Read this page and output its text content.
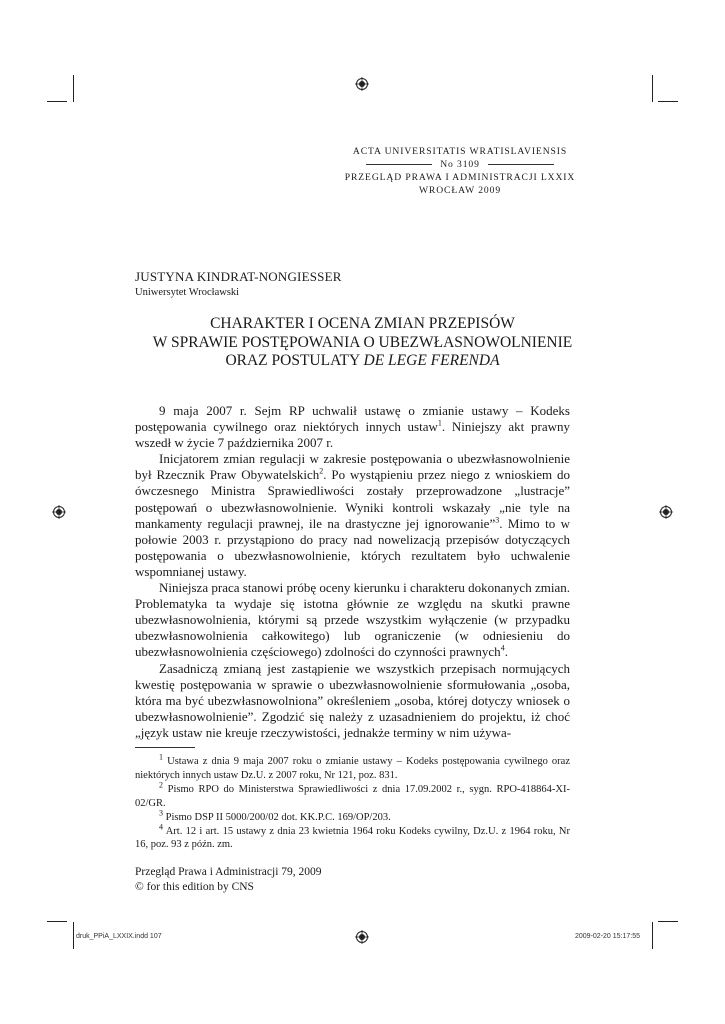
ACTA UNIVERSITATIS WRATISLAVIENSIS
No 3109
PRZEGLĄD PRAWA I ADMINISTRACJI LXXIX
WROCŁAW 2009
JUSTYNA KINDRAT-NONGIESSER
Uniwersytet Wrocławski
CHARAKTER I OCENA ZMIAN PRZEPISÓW
W SPRAWIE POSTĘPOWANIA O UBEZWŁASNOWOLNIENIE
ORAZ POSTULATY DE LEGE FERENDA

9 maja 2007 r. Sejm RP uchwalił ustawę o zmianie ustawy – Kodeks postępowania cywilnego oraz niektórych innych ustaw$^1$. Niniejszy akt prawny wszedł w życie 7 października 2007 r.

Inicjatorem zmian regulacji w zakresie postępowania o ubezwłasnowolnienie był Rzecznik Praw Obywatelskich$^2$. Po wystąpieniu przez niego z wnioskiem do ówczesnego Ministra Sprawiedliwości zostały przeprowadzone „lustracje” postępowań o ubezwłasnowolnienie. Wyniki kontroli wskazały „nie tyle na mankamenty regulacji prawnej, ile na drastyczne jej ignorowanie”$^3$. Mimo to w połowie 2003 r. przystąpiono do pracy nad nowelizacją przepisów dotyczących postępowania o ubezwłasnowolnienie, których rezultatem było uchwalenie wspomnianej ustawy.

Niniejsza praca stanowi próbę oceny kierunku i charakteru dokonanych zmian. Problematyka ta wydaje się istotna głównie ze względu na skutki prawne ubezwłasnowolnienia, którymi są przede wszystkim wyłączenie (w przypadku ubezwłasnowolnienia całkowitego) lub ograniczenie (w odniesieniu do ubezwłasnowolnienia częściowego) zdolności do czynności prawnych$^4$.

Zasadniczą zmianą jest zastąpienie we wszystkich przepisach normujących kwestię postępowania w sprawie o ubezwłasnowolnienie sformułowania „osoba, która ma być ubezwłasnowolniona” określeniem „osoba, której dotyczy wniosek o ubezwłasnowolnienie”. Zgodzić się należy z uzasadnieniem do projektu, iż choć „język ustaw nie kreuje rzeczywistości, jednakże terminy w nim używa-

$^1$ Ustawa z dnia 9 maja 2007 roku o zmianie ustawy – Kodeks postępowania cywilnego oraz niektórych innych ustaw Dz.U. z 2007 roku, Nr 121, poz. 831.

$^2$ Pismo RPO do Ministerstwa Sprawiedliwości z dnia 17.09.2002 r., sygn. RPO-418864-XI-02/GR.

$^3$ Pismo DSP II 5000/200/02 dot. KK.P.C. 169/OP/203.

$^4$ Art. 12 i art. 15 ustawy z dnia 23 kwietnia 1964 roku Kodeks cywilny, Dz.U. z 1964 roku, Nr 16, poz. 93 z późn. zm.

Przegląd Prawa i Administracji 79, 2009
© for this edition by CNS
druk_PPiA_LXXIX.indd 107	2009-02-20 15:17:55
